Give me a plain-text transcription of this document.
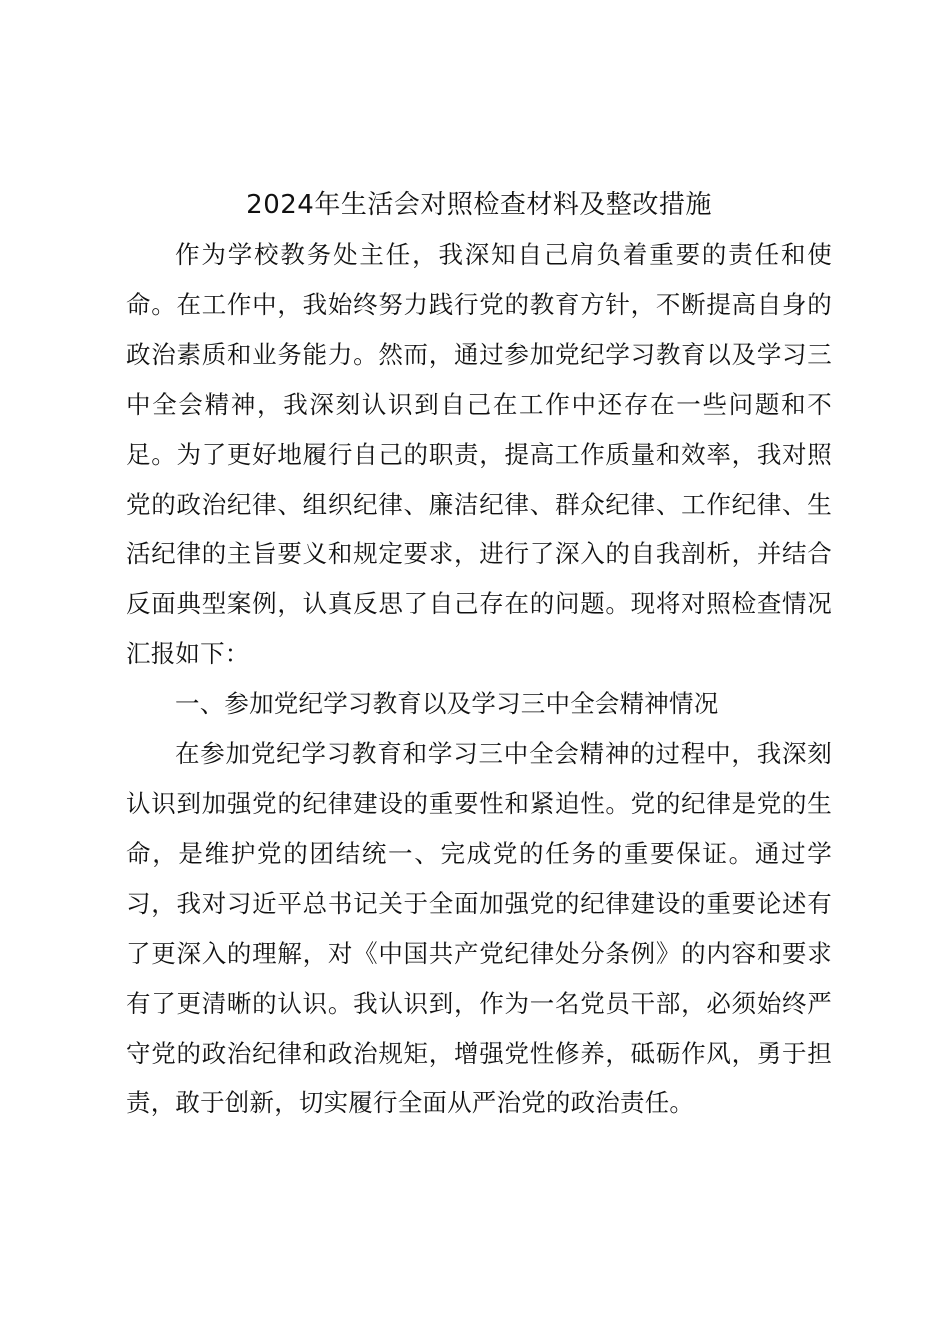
2024年生活会对照检查材料及整改措施

作为学校教务处主任，我深知自己肩负着重要的责任和使命。在工作中，我始终努力践行党的教育方针，不断提高自身的政治素质和业务能力。然而，通过参加党纪学习教育以及学习三中全会精神，我深刻认识到自己在工作中还存在一些问题和不足。为了更好地履行自己的职责，提高工作质量和效率，我对照党的政治纪律、组织纪律、廉洁纪律、群众纪律、工作纪律、生活纪律的主旨要义和规定要求，进行了深入的自我剖析，并结合反面典型案例，认真反思了自己存在的问题。现将对照检查情况汇报如下：

一、参加党纪学习教育以及学习三中全会精神情况

在参加党纪学习教育和学习三中全会精神的过程中，我深刻认识到加强党的纪律建设的重要性和紧迫性。党的纪律是党的生命，是维护党的团结统一、完成党的任务的重要保证。通过学习，我对习近平总书记关于全面加强党的纪律建设的重要论述有了更深入的理解，对《中国共产党纪律处分条例》的内容和要求有了更清晰的认识。我认识到，作为一名党员干部，必须始终严守党的政治纪律和政治规矩，增强党性修养，砥砺作风，勇于担责，敢于创新，切实履行全面从严治党的政治责任。
